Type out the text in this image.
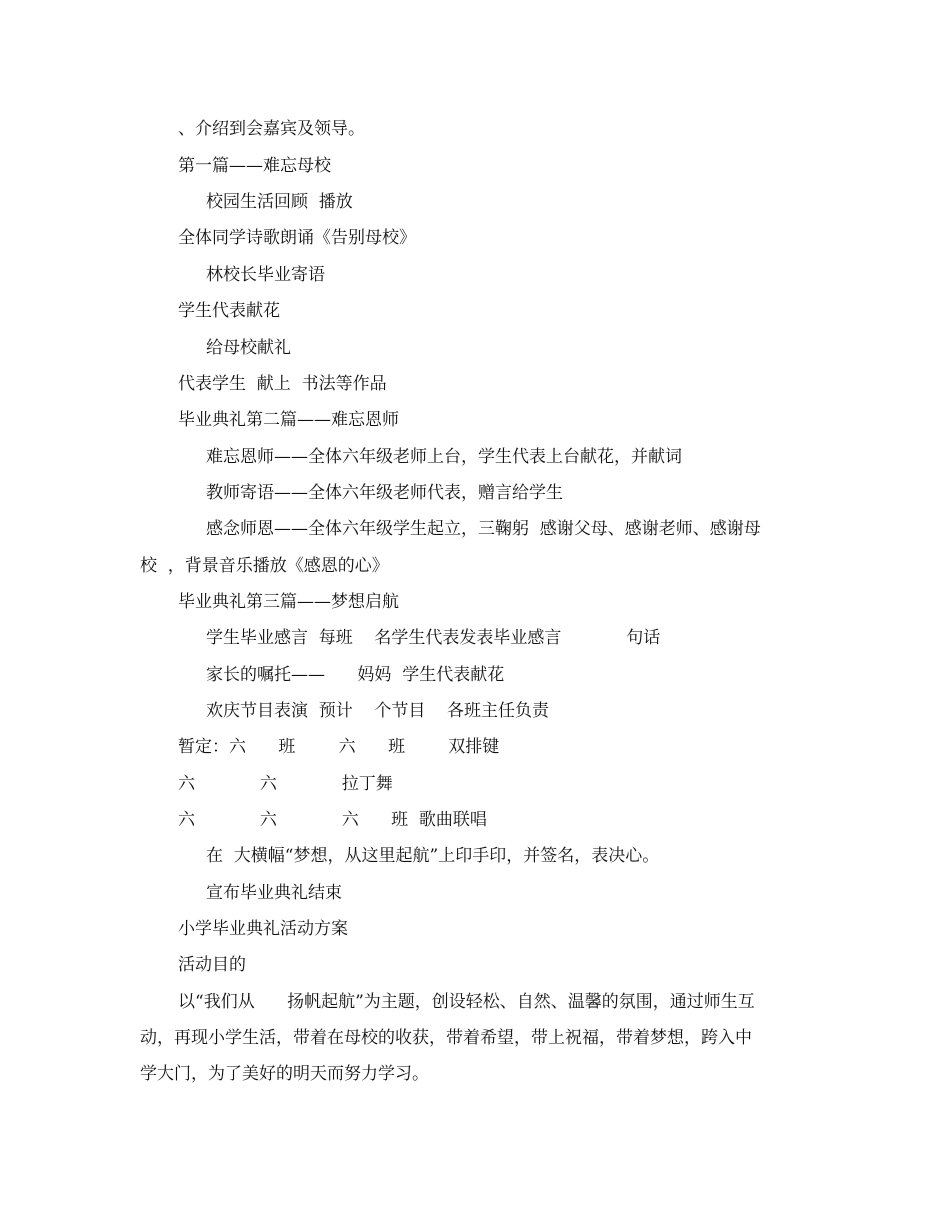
、介绍到会嘉宾及领导。
第一篇——难忘母校
校园生活回顾  播放
全体同学诗歌朗诵《告别母校》
林校长毕业寄语
学生代表献花
给母校献礼
代表学生  献上  书法等作品
毕业典礼第二篇——难忘恩师
难忘恩师——全体六年级老师上台，学生代表上台献花，并献词
教师寄语——全体六年级老师代表，赠言给学生
感念师恩——全体六年级学生起立，三鞠躬  感谢父母、感谢老师、感谢母
校  ，背景音乐播放《感恩的心》
毕业典礼第三篇——梦想启航
学生毕业感言  每班    名学生代表发表毕业感言            句话
家长的嘱托——      妈妈  学生代表献花
欢庆节目表演  预计    个节目    各班主任负责
暂定：六      班        六      班        双排键
六            六            拉丁舞
六            六            六      班  歌曲联唱
在  大横幅“梦想，从这里起航”上印手印，并签名，表决心。
宣布毕业典礼结束
小学毕业典礼活动方案
活动目的
以“我们从      扬帆起航”为主题，创设轻松、自然、温馨的氛围，通过师生互
动，再现小学生活，带着在母校的收获，带着希望，带上祝福，带着梦想，跨入中
学大门，为了美好的明天而努力学习。
